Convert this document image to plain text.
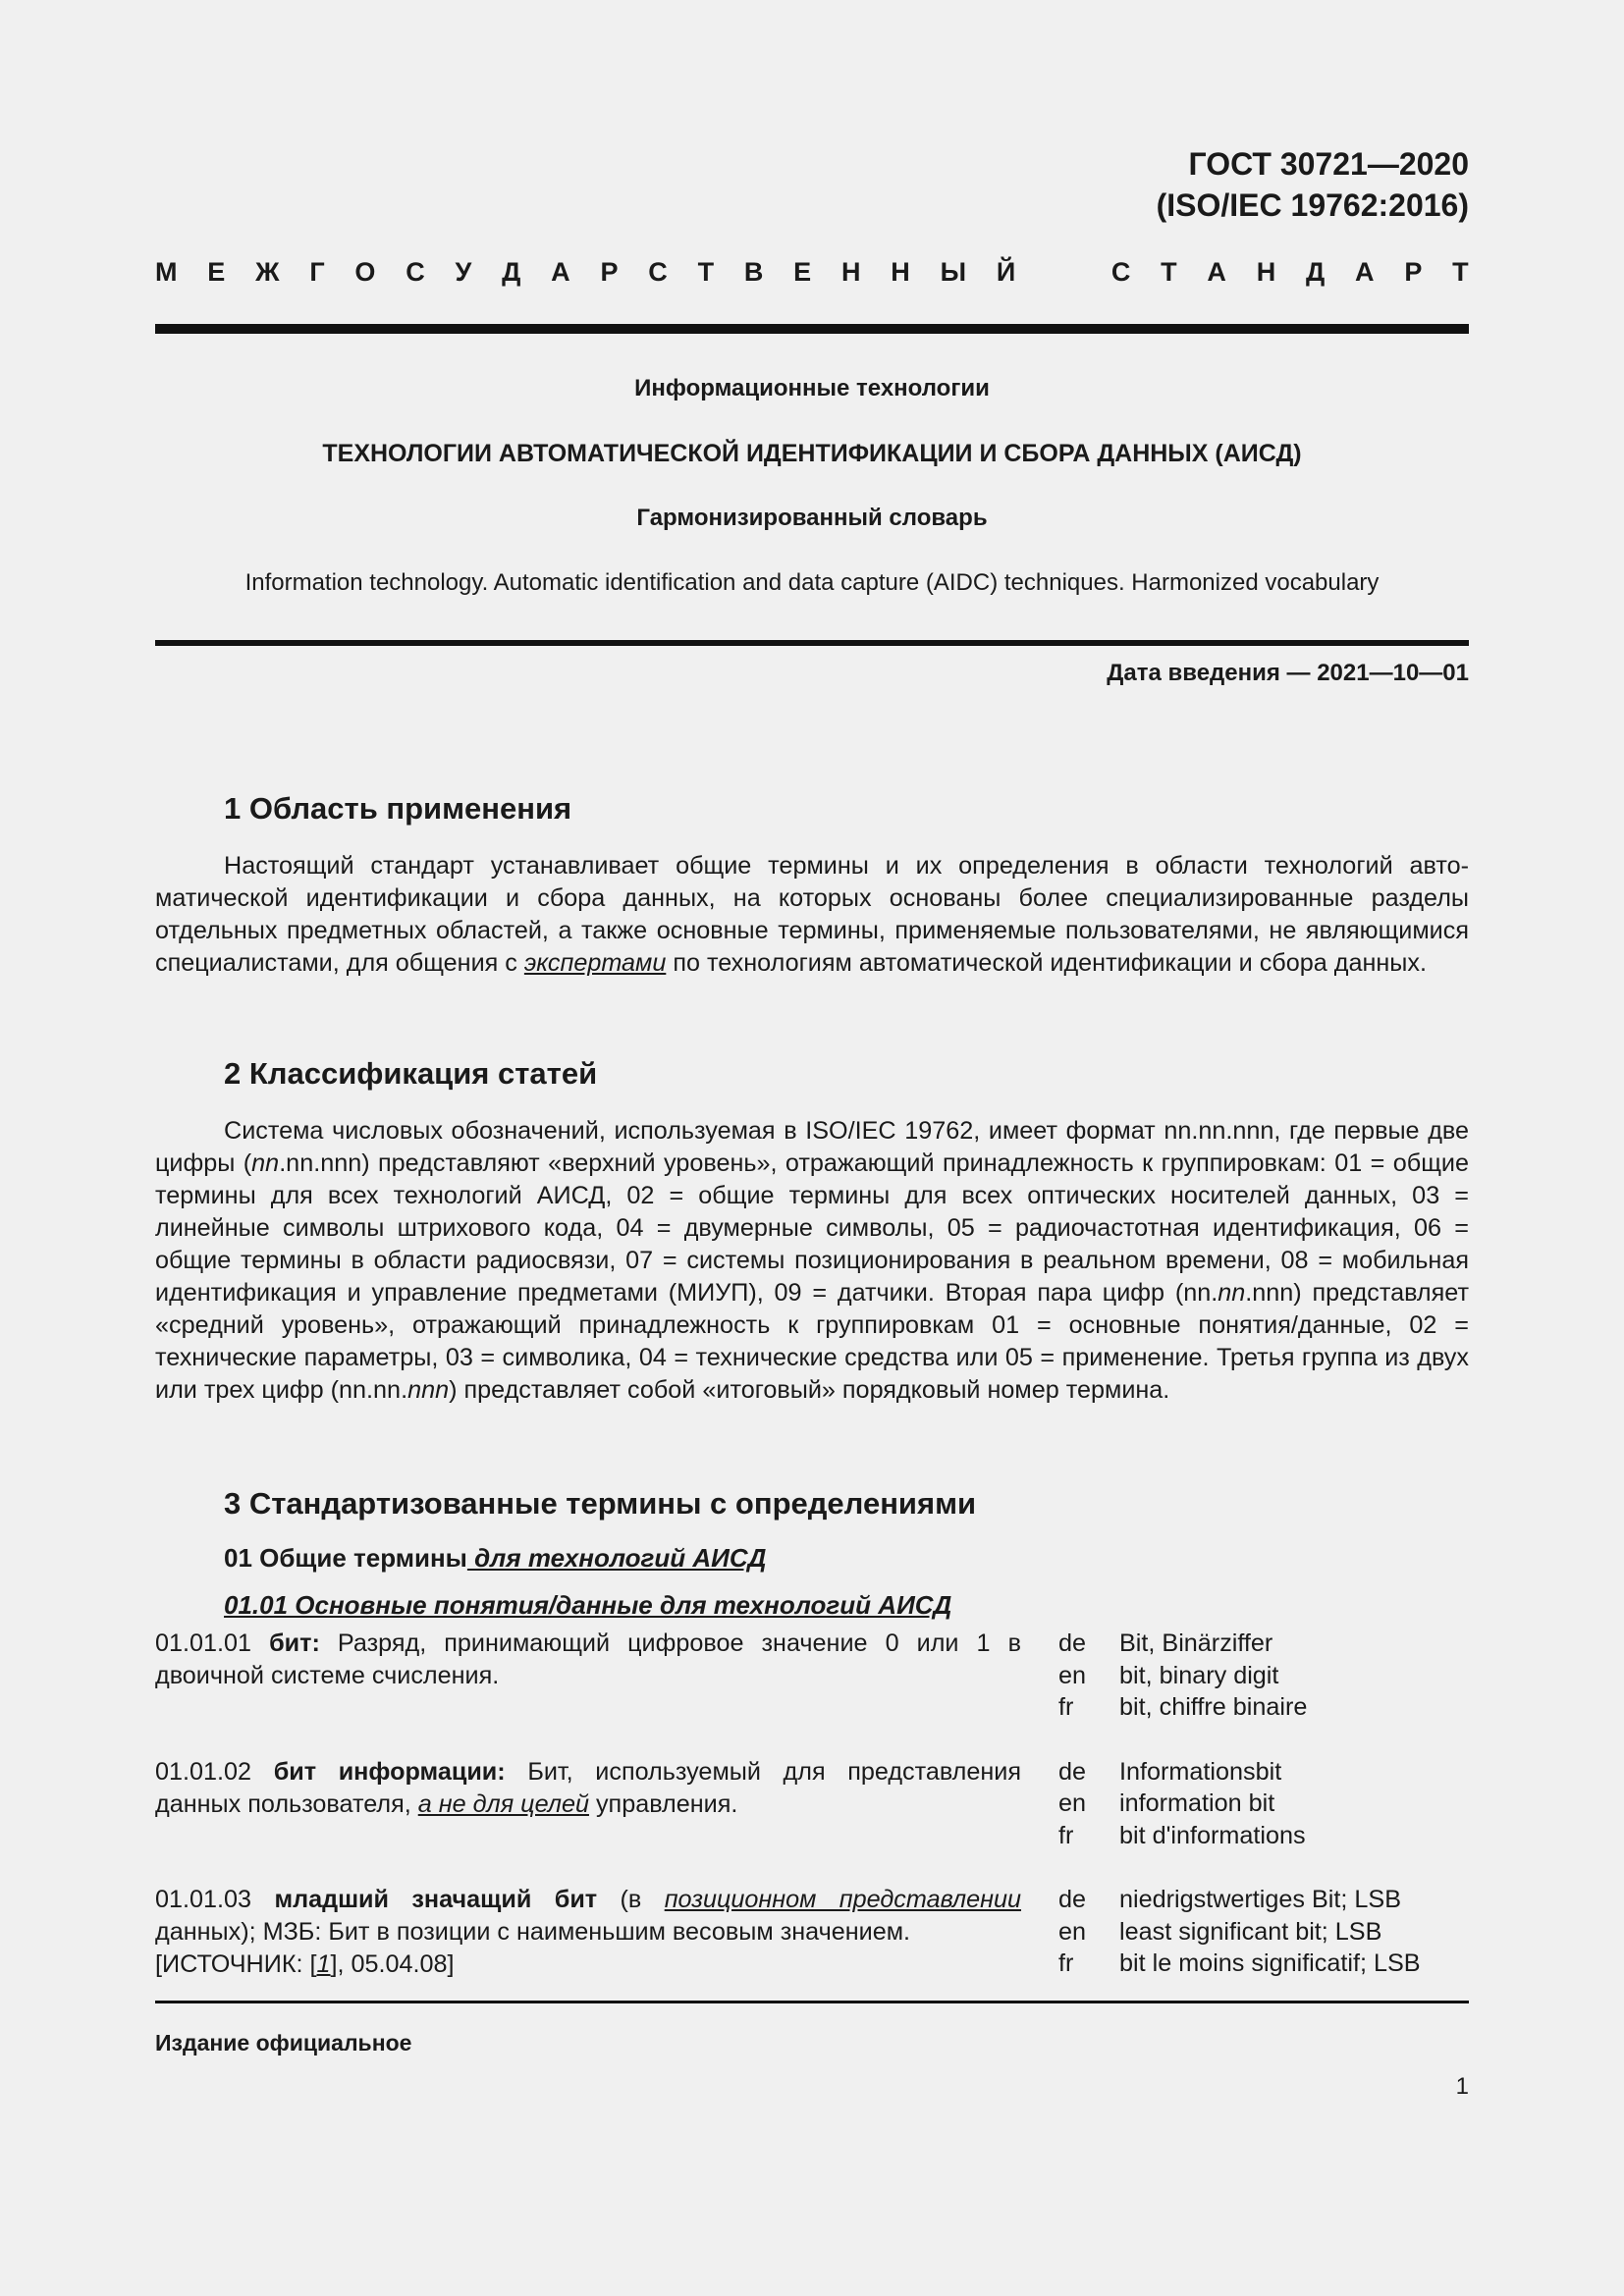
ГОСТ 30721—2020
(ISO/IEC 19762:2016)
М Е Ж Г О С У Д А Р С Т В Е Н Н Ы Й	С Т А Н Д А Р Т
Информационные технологии
ТЕХНОЛОГИИ АВТОМАТИЧЕСКОЙ ИДЕНТИФИКАЦИИ И СБОРА ДАННЫХ (АИСД)
Гармонизированный словарь
Information technology. Automatic identification and data capture (AIDC) techniques. Harmonized vocabulary
Дата введения — 2021—10—01
1 Область применения
Настоящий стандарт устанавливает общие термины и их определения в области технологий автоматической идентификации и сбора данных, на которых основаны более специализированные разделы отдельных предметных областей, а также основные термины, применяемые пользователями, не являющимися специалистами, для общения с экспертами по технологиям автоматической идентификации и сбора данных.
2 Классификация статей
Система числовых обозначений, используемая в ISO/IEC 19762, имеет формат nn.nn.nnn, где первые две цифры (nn.nn.nnn) представляют «верхний уровень», отражающий принадлежность к группировкам: 01 = общие термины для всех технологий АИСД, 02 = общие термины для всех оптических носителей данных, 03 = линейные символы штрихового кода, 04 = двумерные символы, 05 = радиочастотная идентификация, 06 = общие термины в области радиосвязи, 07 = системы позиционирования в реальном времени, 08 = мобильная идентификация и управление предметами (МИУП), 09 = датчики. Вторая пара цифр (nn.nn.nnn) представляет «средний уровень», отражающий принадлежность к группировкам 01 = основные понятия/данные, 02 = технические параметры, 03 = символика, 04 = технические средства или 05 = применение. Третья группа из двух или трех цифр (nn.nn.nnn) представляет собой «итоговый» порядковый номер термина.
3 Стандартизованные термины с определениями
01 Общие термины для технологий АИСД
01.01 Основные понятия/данные для технологий АИСД
01.01.01 бит: Разряд, принимающий цифровое значение 0 или 1 в двоичной системе счисления.
de	Bit, Binärziffer
en	bit, binary digit
fr	bit, chiffre binaire
01.01.02 бит информации: Бит, используемый для представления данных пользователя, а не для целей управления.
de	Informationsbit
en	information bit
fr	bit d'informations
01.01.03 младший значащий бит (в позиционном представлении данных); МЗБ: Бит в позиции с наименьшим весовым значением.
[ИСТОЧНИК: [1], 05.04.08]
de	niedrigstwertiges Bit; LSB
en	least significant bit; LSB
fr	bit le moins significatif; LSB
Издание официальное
1
